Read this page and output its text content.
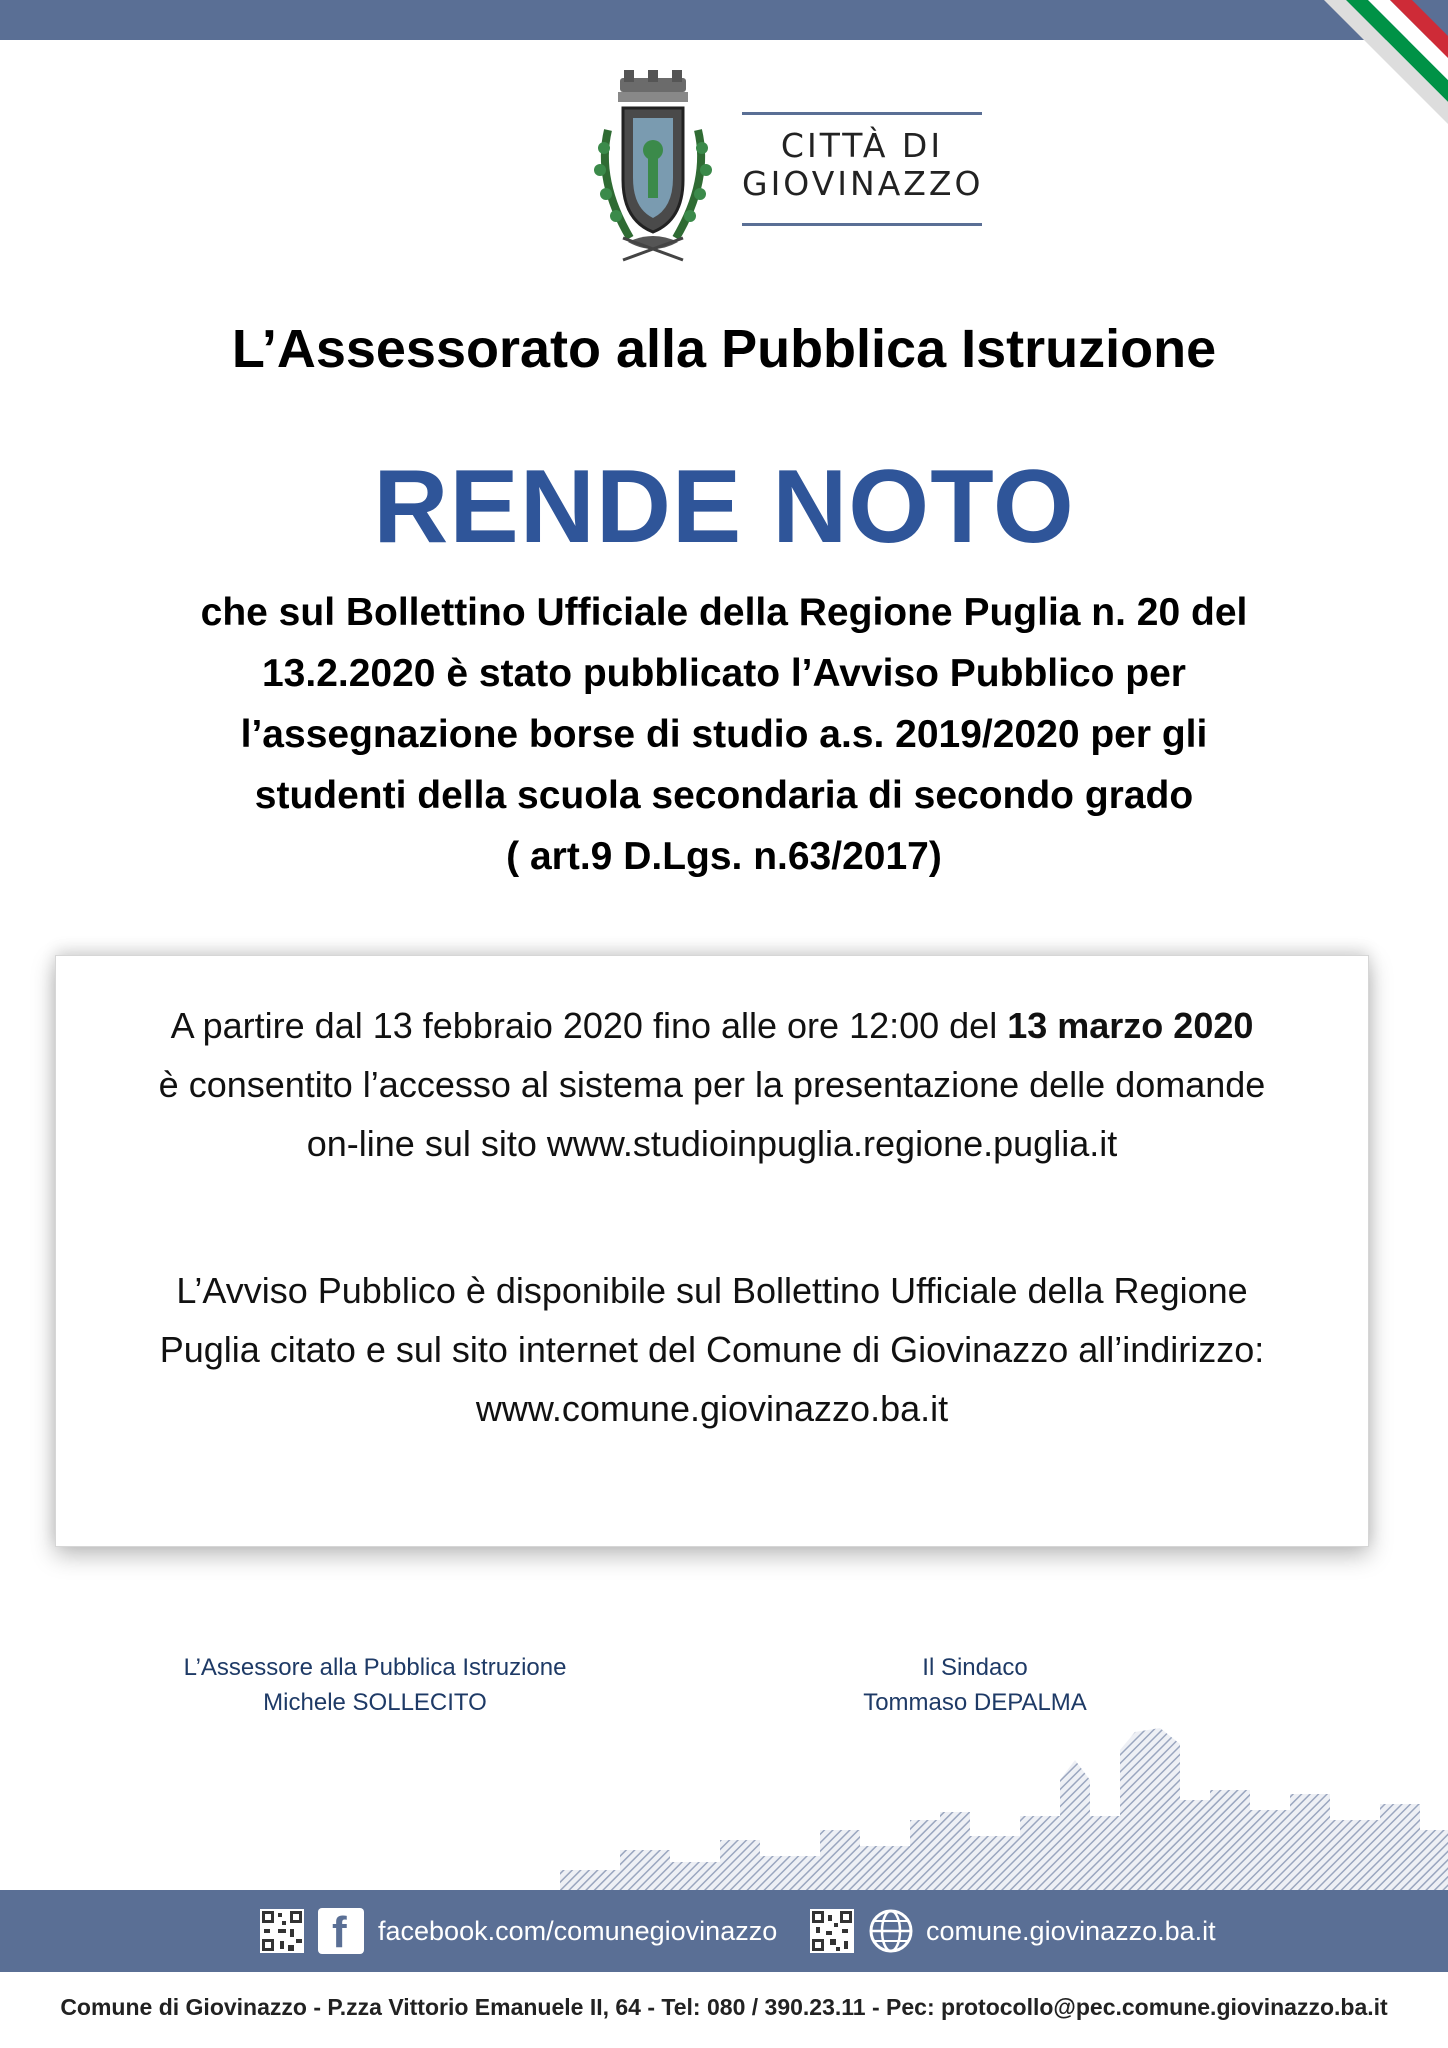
CITTÀ DI
GIOVINAZZO
L’Assessorato alla Pubblica Istruzione
RENDE NOTO
che sul Bollettino Ufficiale della Regione Puglia n. 20 del
13.2.2020 è stato pubblicato l’Avviso Pubblico per
l’assegnazione borse di studio a.s. 2019/2020 per gli
studenti della scuola secondaria di secondo grado
( art.9 D.Lgs. n.63/2017)
A partire dal 13 febbraio 2020 fino alle ore 12:00 del 13 marzo 2020
è consentito l’accesso al sistema per la presentazione delle domande
on-line sul sito www.studioinpuglia.regione.puglia.it
L’Avviso Pubblico è disponibile sul Bollettino Ufficiale della Regione
Puglia citato e sul sito internet del Comune di Giovinazzo all’indirizzo:
www.comune.giovinazzo.ba.it
L’Assessore alla Pubblica Istruzione
Michele SOLLECITO
Il Sindaco
Tommaso DEPALMA
f facebook.com/comunegiovinazzo	comune.giovinazzo.ba.it
Comune di Giovinazzo - P.zza Vittorio Emanuele II, 64 - Tel: 080 / 390.23.11 - Pec: protocollo@pec.comune.giovinazzo.ba.it
